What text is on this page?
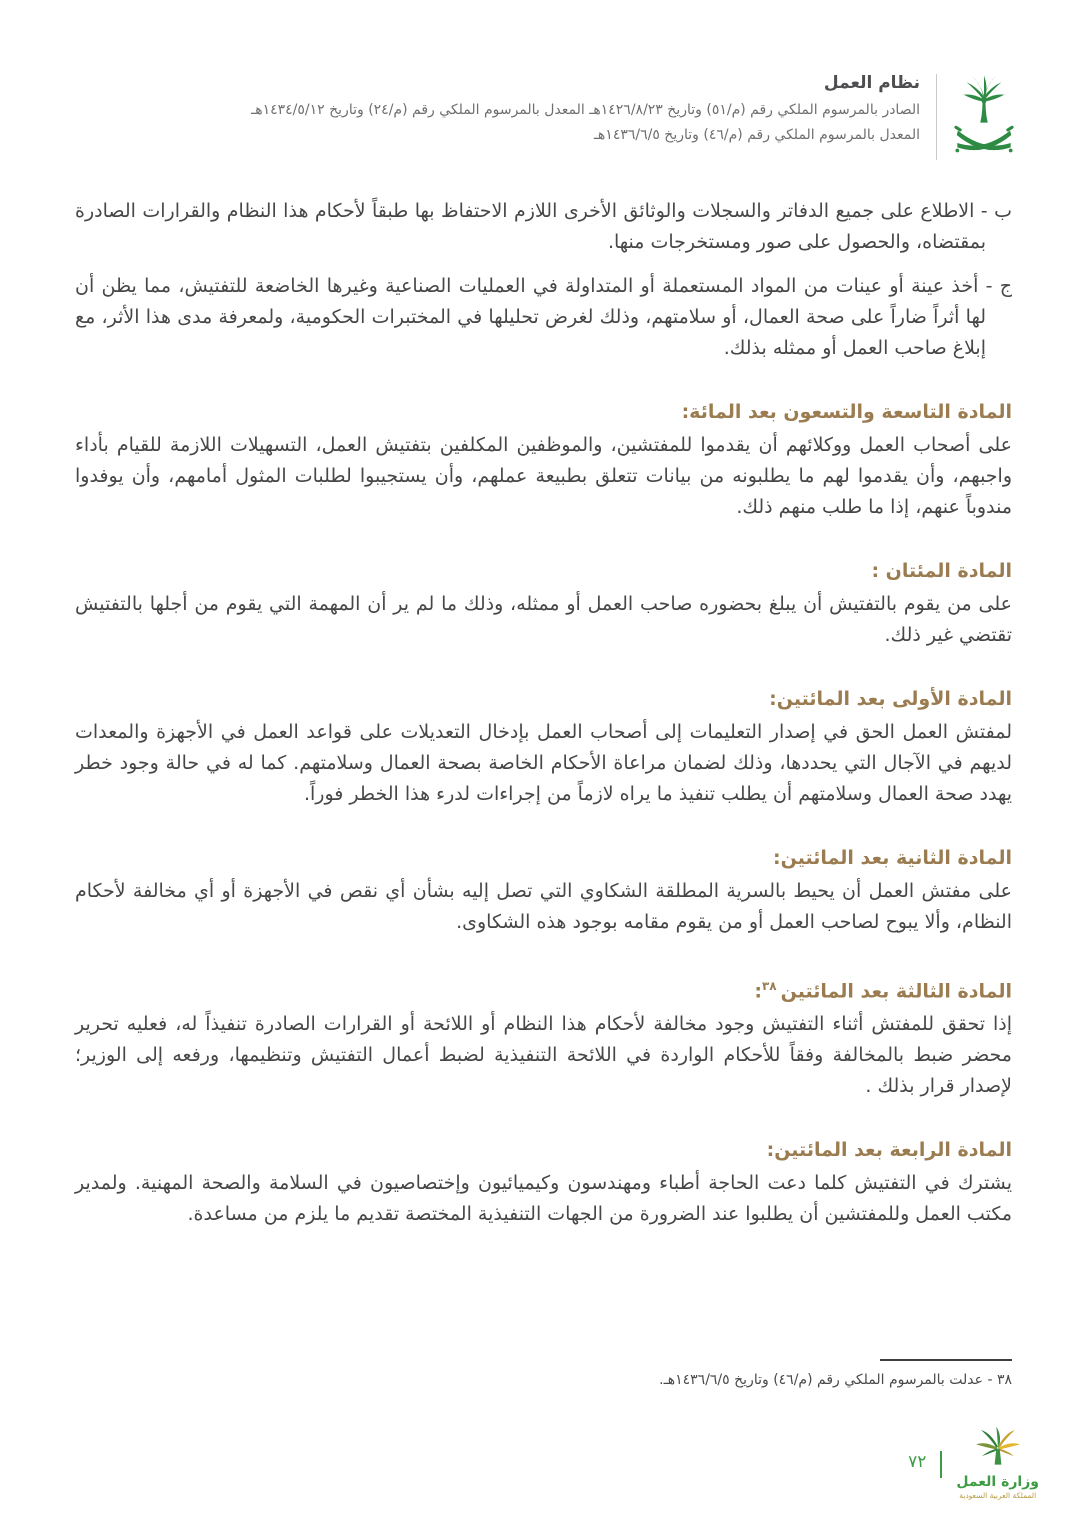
نظام العمل

الصادر بالمرسوم الملكي رقم (م/٥١) وتاريخ ١٤٢٦/٨/٢٣هـ المعدل بالمرسوم الملكي رقم (م/٢٤) وتاريخ ١٤٣٤/٥/١٢هـ

المعدل بالمرسوم الملكي رقم (م/٤٦) وتاريخ ١٤٣٦/٦/٥هـ

ب - الاطلاع على جميع الدفاتر والسجلات والوثائق الأخرى اللازم الاحتفاظ بها طبقاً لأحكام هذا النظام والقرارات الصادرة بمقتضاه، والحصول على صور ومستخرجات منها.

ج - أخذ عينة أو عينات من المواد المستعملة أو المتداولة في العمليات الصناعية وغيرها الخاضعة للتفتيش، مما يظن أن لها أثراً ضاراً على صحة العمال، أو سلامتهم، وذلك لغرض تحليلها في المختبرات الحكومية، ولمعرفة مدى هذا الأثر، مع إبلاغ صاحب العمل أو ممثله بذلك.

المادة التاسعة والتسعون بعد المائة:

على أصحاب العمل ووكلائهم أن يقدموا للمفتشين، والموظفين المكلفين بتفتيش العمل، التسهيلات اللازمة للقيام بأداء واجبهم، وأن يقدموا لهم ما يطلبونه من بيانات تتعلق بطبيعة عملهم، وأن يستجيبوا لطلبات المثول أمامهم، وأن يوفدوا مندوباً عنهم، إذا ما طلب منهم ذلك.

المادة المئتان :

على من يقوم بالتفتيش أن يبلغ بحضوره صاحب العمل أو ممثله، وذلك ما لم ير أن المهمة التي يقوم من أجلها بالتفتيش تقتضي غير ذلك.

المادة الأولى بعد المائتين:

لمفتش العمل الحق في إصدار التعليمات إلى أصحاب العمل بإدخال التعديلات على قواعد العمل في الأجهزة والمعدات لديهم في الآجال التي يحددها، وذلك لضمان مراعاة الأحكام الخاصة بصحة العمال وسلامتهم. كما له في حالة وجود خطر يهدد صحة العمال وسلامتهم أن يطلب تنفيذ ما يراه لازماً من إجراءات لدرء هذا الخطر فوراً.

المادة الثانية بعد المائتين:

على مفتش العمل أن يحيط بالسرية المطلقة الشكاوي التي تصل إليه بشأن أي نقص في الأجهزة أو أي مخالفة لأحكام النظام، وألا يبوح لصاحب العمل أو من يقوم مقامه بوجود هذه الشكاوى.

المادة الثالثة بعد المائتين$^{٣٨}$:

إذا تحقق للمفتش أثناء التفتيش وجود مخالفة لأحكام هذا النظام أو اللائحة أو القرارات الصادرة تنفيذاً له، فعليه تحرير محضر ضبط بالمخالفة وفقاً للأحكام الواردة في اللائحة التنفيذية لضبط أعمال التفتيش وتنظيمها، ورفعه إلى الوزير؛ لإصدار قرار بذلك .

المادة الرابعة بعد المائتين:

يشترك في التفتيش كلما دعت الحاجة أطباء ومهندسون وكيميائيون وإختصاصيون في السلامة والصحة المهنية. ولمدير مكتب العمل وللمفتشين أن يطلبوا عند الضرورة من الجهات التنفيذية المختصة تقديم ما يلزم من مساعدة.

٣٨ - عدلت بالمرسوم الملكي رقم (م/٤٦) وتاريخ ١٤٣٦/٦/٥هـ.

وزارة العمل
المملكة العربية السعودية
٧٢
